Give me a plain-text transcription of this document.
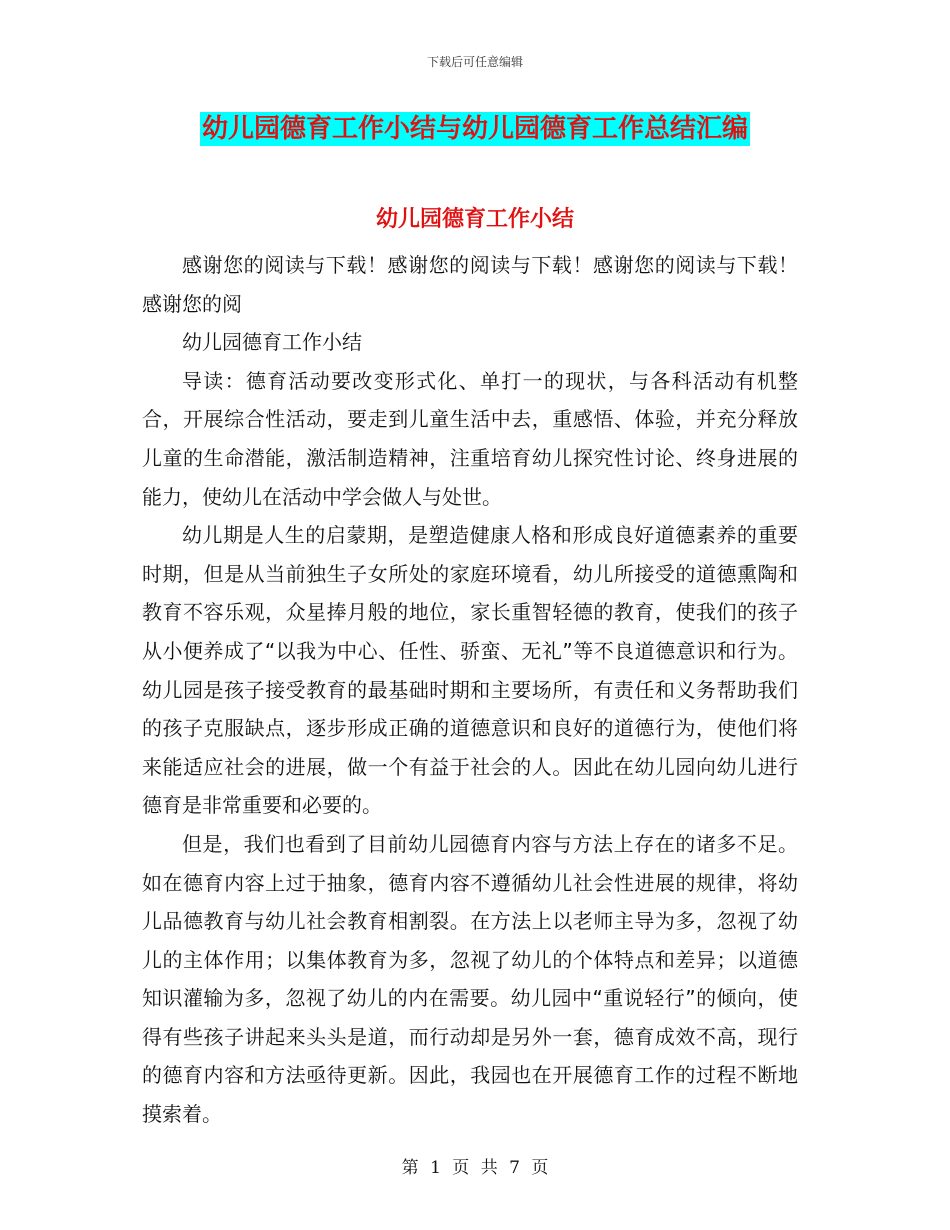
下载后可任意编辑
幼儿园德育工作小结与幼儿园德育工作总结汇编
幼儿园德育工作小结

感谢您的阅读与下载！感谢您的阅读与下载！感谢您的阅读与下载！感谢您的阅

幼儿园德育工作小结

导读：德育活动要改变形式化、单打一的现状，与各科活动有机整合，开展综合性活动，要走到儿童生活中去，重感悟、体验，并充分释放儿童的生命潜能，激活制造精神，注重培育幼儿探究性讨论、终身进展的能力，使幼儿在活动中学会做人与处世。

幼儿期是人生的启蒙期，是塑造健康人格和形成良好道德素养的重要时期，但是从当前独生子女所处的家庭环境看，幼儿所接受的道德熏陶和教育不容乐观，众星捧月般的地位，家长重智轻德的教育，使我们的孩子从小便养成了“以我为中心、任性、骄蛮、无礼”等不良道德意识和行为。幼儿园是孩子接受教育的最基础时期和主要场所，有责任和义务帮助我们的孩子克服缺点，逐步形成正确的道德意识和良好的道德行为，使他们将来能适应社会的进展，做一个有益于社会的人。因此在幼儿园向幼儿进行德育是非常重要和必要的。

但是，我们也看到了目前幼儿园德育内容与方法上存在的诸多不足。如在德育内容上过于抽象，德育内容不遵循幼儿社会性进展的规律，将幼儿品德教育与幼儿社会教育相割裂。在方法上以老师主导为多，忽视了幼儿的主体作用；以集体教育为多，忽视了幼儿的个体特点和差异；以道德知识灌输为多，忽视了幼儿的内在需要。幼儿园中“重说轻行”的倾向，使得有些孩子讲起来头头是道，而行动却是另外一套，德育成效不高，现行的德育内容和方法亟待更新。因此，我园也在开展德育工作的过程不断地摸索着。

第 1 页 共 7 页
